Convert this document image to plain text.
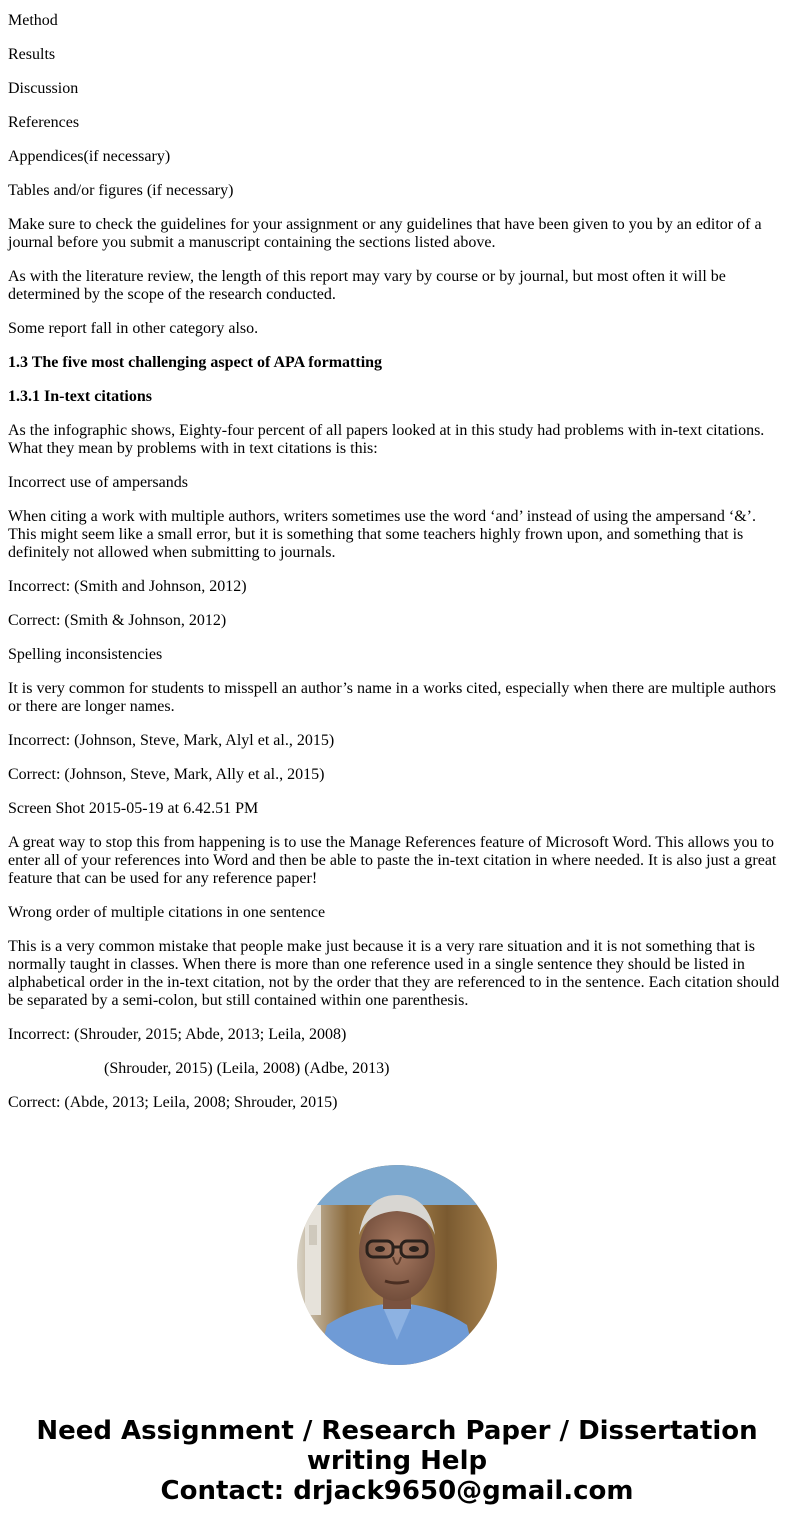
Method

Results

Discussion

References

Appendices(if necessary)

Tables and/or figures (if necessary)

Make sure to check the guidelines for your assignment or any guidelines that have been given to you by an editor of a journal before you submit a manuscript containing the sections listed above.

As with the literature review, the length of this report may vary by course or by journal, but most often it will be determined by the scope of the research conducted.

Some report fall in other category also.

1.3 The five most challenging aspect of APA formatting

1.3.1 In-text citations

As the infographic shows, Eighty-four percent of all papers looked at in this study had problems with in-text citations. What they mean by problems with in text citations is this:

Incorrect use of ampersands

When citing a work with multiple authors, writers sometimes use the word ‘and’ instead of using the ampersand ‘&’. This might seem like a small error, but it is something that some teachers highly frown upon, and something that is definitely not allowed when submitting to journals.

Incorrect: (Smith and Johnson, 2012)

Correct: (Smith & Johnson, 2012)

Spelling inconsistencies

It is very common for students to misspell an author’s name in a works cited, especially when there are multiple authors or there are longer names.

Incorrect: (Johnson, Steve, Mark, Alyl et al., 2015)

Correct: (Johnson, Steve, Mark, Ally et al., 2015)

Screen Shot 2015-05-19 at 6.42.51 PM

A great way to stop this from happening is to use the Manage References feature of Microsoft Word. This allows you to enter all of your references into Word and then be able to paste the in-text citation in where needed. It is also just a great feature that can be used for any reference paper!

Wrong order of multiple citations in one sentence

This is a very common mistake that people make just because it is a very rare situation and it is not something that is normally taught in classes. When there is more than one reference used in a single sentence they should be listed in alphabetical order in the in-text citation, not by the order that they are referenced to in the sentence. Each citation should be separated by a semi-colon, but still contained within one parenthesis.

Incorrect: (Shrouder, 2015; Abde, 2013; Leila, 2008)

(Shrouder, 2015) (Leila, 2008) (Adbe, 2013)

Correct: (Abde, 2013; Leila, 2008; Shrouder, 2015)

Need Assignment / Research Paper / Dissertation
writing Help
Contact: drjack9650@gmail.com
